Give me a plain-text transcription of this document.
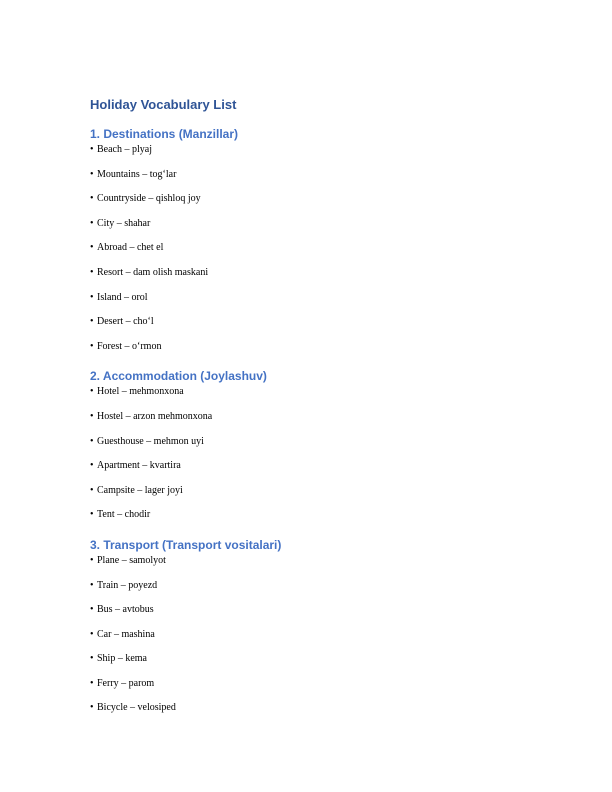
Holiday Vocabulary List
1. Destinations (Manzillar)
• Beach – plyaj
• Mountains – tog‘lar
• Countryside – qishloq joy
• City – shahar
• Abroad – chet el
• Resort – dam olish maskani
• Island – orol
• Desert – cho‘l
• Forest – o‘rmon
2. Accommodation (Joylashuv)
• Hotel – mehmonxona
• Hostel – arzon mehmonxona
• Guesthouse – mehmon uyi
• Apartment – kvartira
• Campsite – lager joyi
• Tent – chodir
3. Transport (Transport vositalari)
• Plane – samolyot
• Train – poyezd
• Bus – avtobus
• Car – mashina
• Ship – kema
• Ferry – parom
• Bicycle – velosiped
